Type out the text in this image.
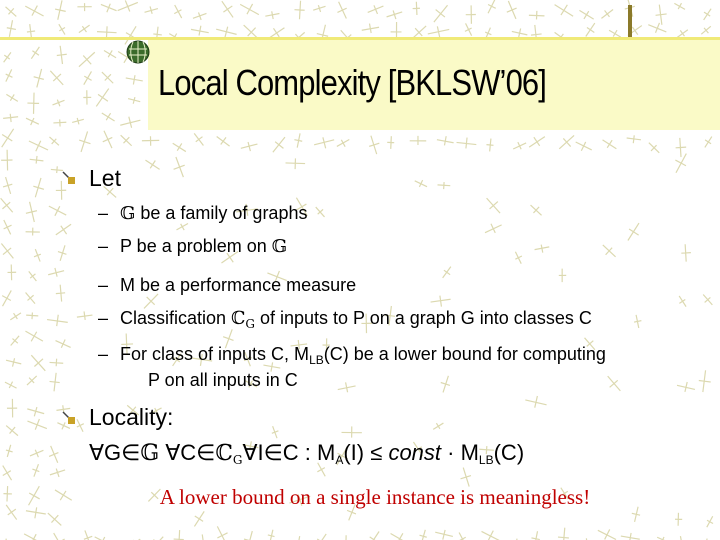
Local Complexity [BKLSW’06]
Let
– 𝔾 be a family of graphs
– P be a problem on 𝔾
– M be a performance measure
– Classification ℂ$_G$ of inputs to P on a graph G into classes C
– For class of inputs C, $M_{LB}(C)$ be a lower bound for computing
P on all inputs in C
Locality:
∀G∈𝔾 ∀C∈ℂ$_G$∀I∈C : $M_A(I)$ ≤ const · $M_{LB}(C)$
A lower bound on a single instance is meaningless!
